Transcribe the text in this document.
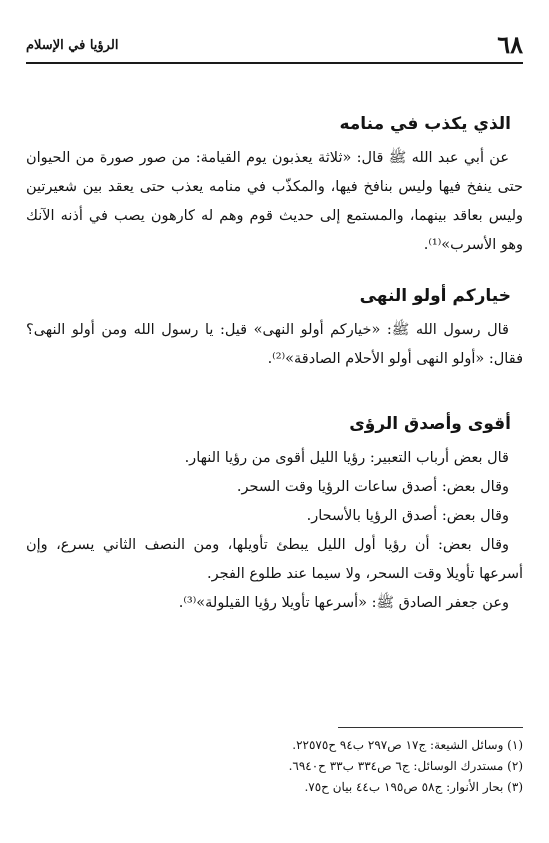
٦٨
الرؤيا في الإسلام
الذي يكذب في منامه

عن أبي عبد الله ﷺ قال: «ثلاثة يعذبون يوم القيامة: من صور صورة من الحيوان حتى ينفخ فيها وليس بنافخ فيها، والمكذّب في منامه يعذب حتى يعقد بين شعيرتين وليس بعاقد بينهما، والمستمع إلى حديث قوم وهم له كارهون يصب في أذنه الآنك وهو الأسرب»⁽¹⁾.

خياركم أولو النهى

قال رسول الله ﷺ: «خياركم أولو النهى» قيل: يا رسول الله ومن أولو النهى؟ فقال: «أولو النهى أولو الأحلام الصادقة»⁽²⁾.

أقوى وأصدق الرؤى

قال بعض أرباب التعبير: رؤيا الليل أقوى من رؤيا النهار.

وقال بعض: أصدق ساعات الرؤيا وقت السحر.

وقال بعض: أصدق الرؤيا بالأسحار.

وقال بعض: أن رؤيا أول الليل يبطئ تأويلها، ومن النصف الثاني يسرع، وإن أسرعها تأويلا وقت السحر، ولا سيما عند طلوع الفجر.

وعن جعفر الصادق ﷺ: «أسرعها تأويلا رؤيا القيلولة»⁽³⁾.

(١) وسائل الشيعة: ج١٧ ص٢٩٧ ب٩٤ ح٢٢٥٧٥.
(٢) مستدرك الوسائل: ج٦ ص٣٣٤ ب٣٣ ح٦٩٤٠.
(٣) بحار الأنوار: ج٥٨ ص١٩٥ ب٤٤ بيان ح٧٥.
